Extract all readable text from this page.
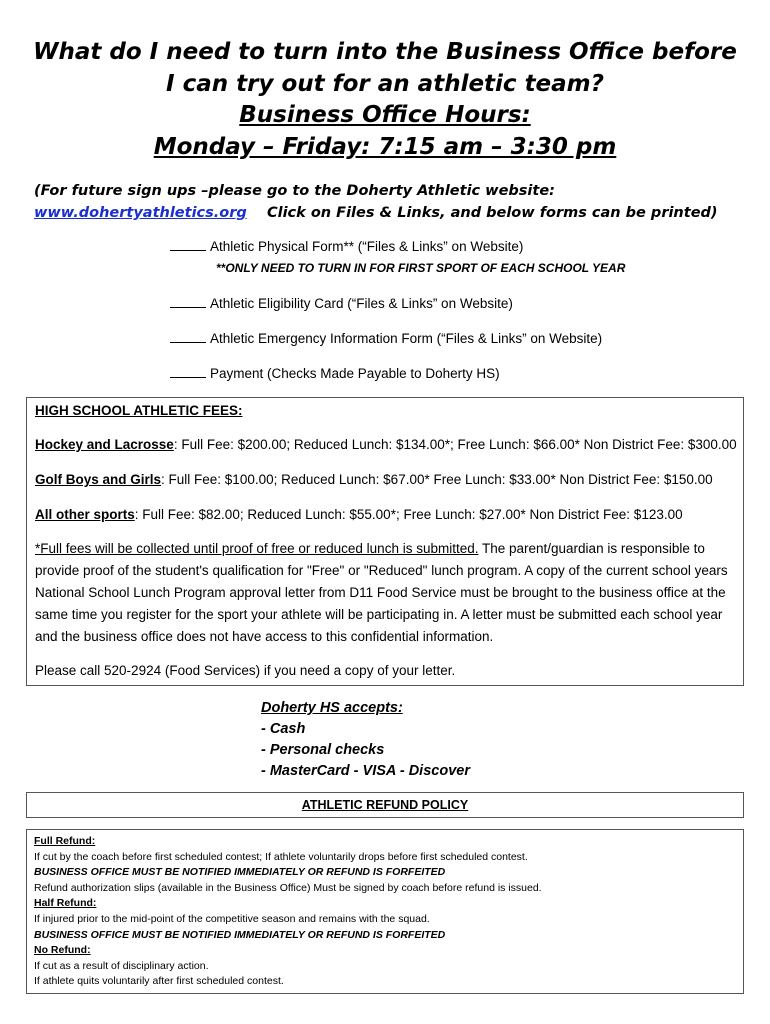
What do I need to turn into the Business Office before
I can try out for an athletic team?
Business Office Hours:
Monday – Friday: 7:15 am – 3:30 pm
(For future sign ups –please go to the Doherty Athletic website:
www.dohertyathletics.org    Click on Files & Links, and below forms can be printed)
Athletic Physical Form** (“Files & Links” on Website)
**ONLY NEED TO TURN IN FOR FIRST SPORT OF EACH SCHOOL YEAR
Athletic Eligibility Card (“Files & Links” on Website)
Athletic Emergency Information Form (“Files & Links” on Website)
Payment (Checks Made Payable to Doherty HS)
HIGH SCHOOL ATHLETIC FEES:
Hockey and Lacrosse: Full Fee: $200.00; Reduced Lunch: $134.00*; Free Lunch: $66.00* Non District Fee: $300.00
Golf Boys and Girls: Full Fee: $100.00; Reduced Lunch: $67.00* Free Lunch: $33.00* Non District Fee: $150.00
All other sports: Full Fee: $82.00; Reduced Lunch: $55.00*; Free Lunch: $27.00* Non District Fee: $123.00
*Full fees will be collected until proof of free or reduced lunch is submitted. The parent/guardian is responsible to provide proof of the student's qualification for "Free" or "Reduced" lunch program. A copy of the current school years National School Lunch Program approval letter from D11 Food Service must be brought to the business office at the same time you register for the sport your athlete will be participating in. A letter must be submitted each school year and the business office does not have access to this confidential information.
Please call 520-2924 (Food Services) if you need a copy of your letter.
Doherty HS accepts:
- Cash
- Personal checks
- MasterCard - VISA - Discover
ATHLETIC REFUND POLICY
Full Refund:
If cut by the coach before first scheduled contest; If athlete voluntarily drops before first scheduled contest.
BUSINESS OFFICE MUST BE NOTIFIED IMMEDIATELY OR REFUND IS FORFEITED
Refund authorization slips (available in the Business Office) Must be signed by coach before refund is issued.
Half Refund:
If injured prior to the mid-point of the competitive season and remains with the squad.
BUSINESS OFFICE MUST BE NOTIFIED IMMEDIATELY OR REFUND IS FORFEITED
No Refund:
If cut as a result of disciplinary action.
If athlete quits voluntarily after first scheduled contest.
